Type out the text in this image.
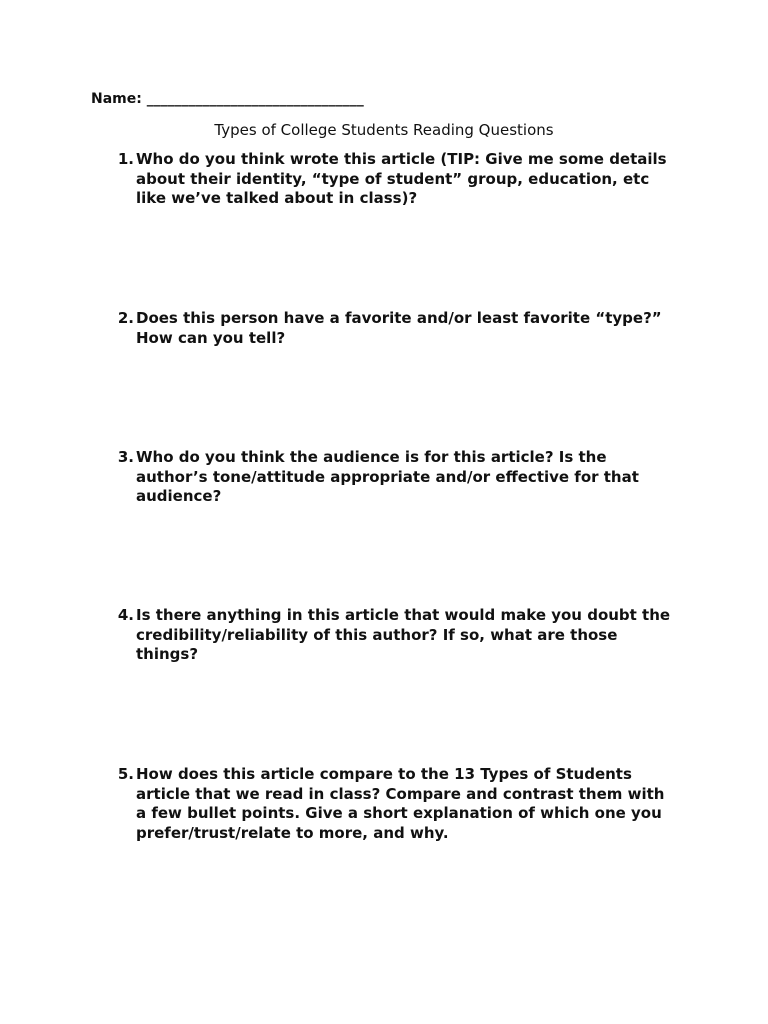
Name: _______________________________
Types of College Students Reading Questions
1. Who do you think wrote this article (TIP: Give me some details
about their identity, “type of student” group, education, etc
like we’ve talked about in class)?
2. Does this person have a favorite and/or least favorite “type?”
How can you tell?
3. Who do you think the audience is for this article? Is the
author’s tone/attitude appropriate and/or effective for that
audience?
4. Is there anything in this article that would make you doubt the
credibility/reliability of this author? If so, what are those
things?
5. How does this article compare to the 13 Types of Students
article that we read in class? Compare and contrast them with
a few bullet points. Give a short explanation of which one you
prefer/trust/relate to more, and why.
